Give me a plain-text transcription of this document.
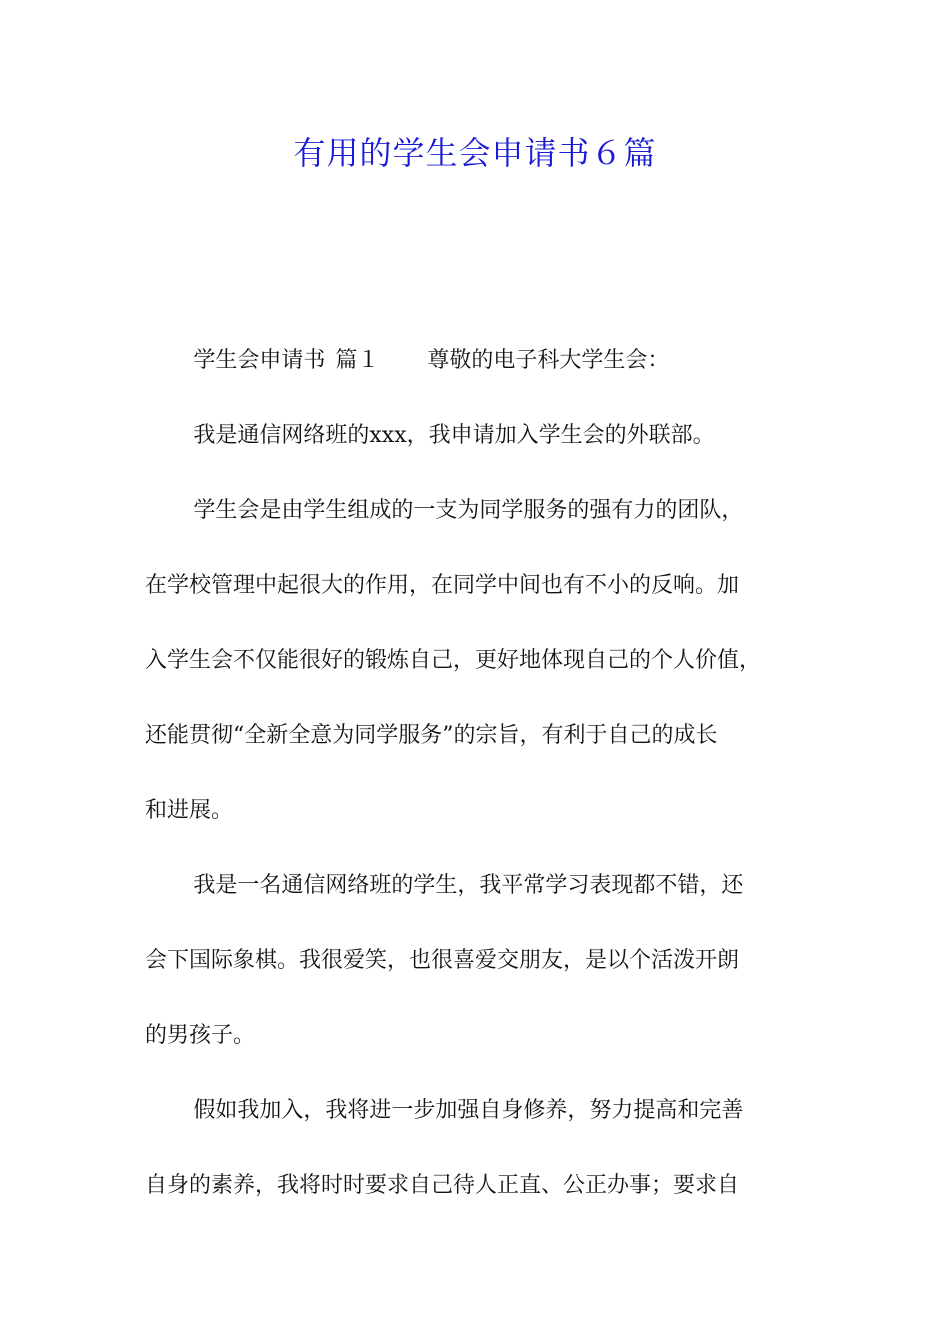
有用的学生会申请书６篇

学生会申请书 篇１ 尊敬的电子科大学生会：

我是通信网络班的xxx，我申请加入学生会的外联部。

学生会是由学生组成的一支为同学服务的强有力的团队，

在学校管理中起很大的作用，在同学中间也有不小的反响。加
入学生会不仅能很好的锻炼自己，更好地体现自己的个人价值，
还能贯彻“全新全意为同学服务”的宗旨，有利于自己的成长
和进展。

我是一名通信网络班的学生，我平常学习表现都不错，还

会下国际象棋。我很爱笑，也很喜爱交朋友，是以个活泼开朗
的男孩子。

假如我加入，我将进一步加强自身修养，努力提高和完善

自身的素养，我将时时要求自己待人正直、公正办事；要求自
